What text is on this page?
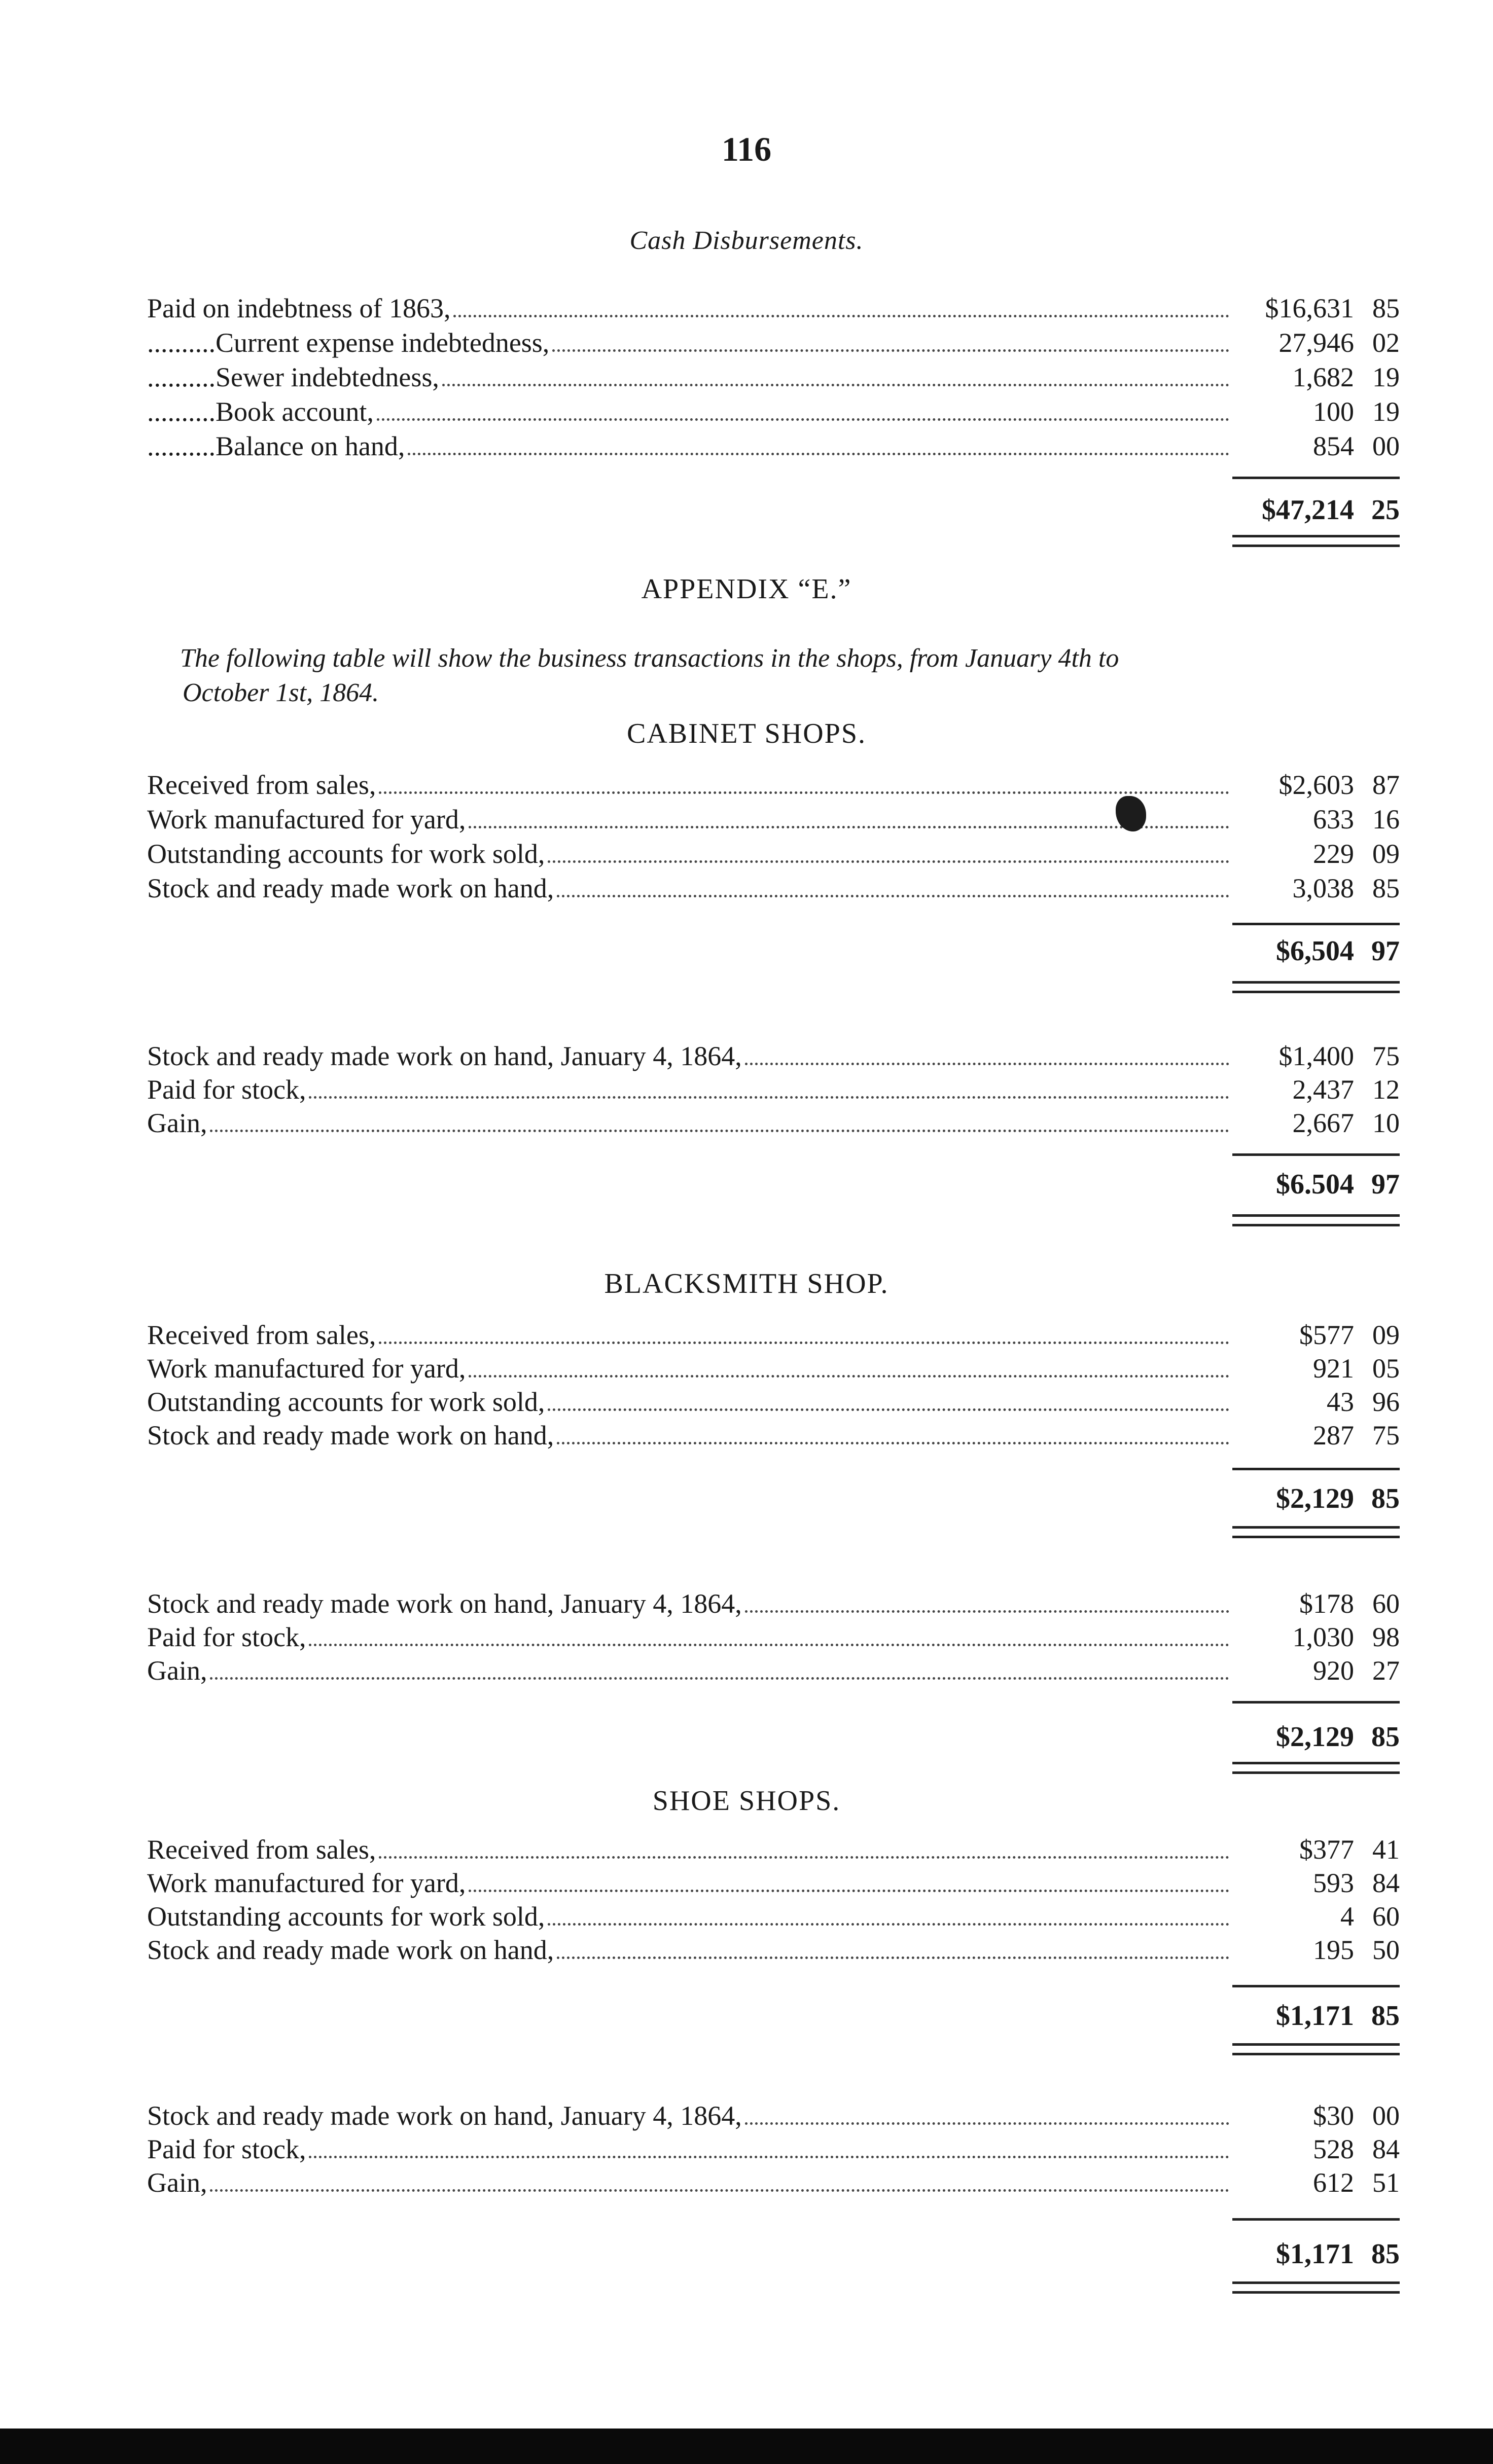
116
Cash Disbursements.
Paid on indebtness of 1863,	$16,631 85
..........Current expense indebtedness,	27,946 02
..........Sewer indebtedness,	1,682 19
..........Book account,	100 19
..........Balance on hand,	854 00
$47,214 25
APPENDIX “E.”
The following table will show the business transactions in the shops, from January 4th to
October 1st, 1864.
CABINET SHOPS.
Received from sales,	$2,603 87
Work manufactured for yard,	633 16
Outstanding accounts for work sold,	229 09
Stock and ready made work on hand,	3,038 85
$6,504 97
Stock and ready made work on hand, January 4, 1864,	$1,400 75
Paid for stock,	2,437 12
Gain,	2,667 10
$6.504 97
BLACKSMITH SHOP.
Received from sales,	$577 09
Work manufactured for yard,	921 05
Outstanding accounts for work sold,	43 96
Stock and ready made work on hand,	287 75
$2,129 85
Stock and ready made work on hand, January 4, 1864,	$178 60
Paid for stock,	1,030 98
Gain,	920 27
$2,129 85
SHOE SHOPS.
Received from sales,	$377 41
Work manufactured for yard,	593 84
Outstanding accounts for work sold,	4 60
Stock and ready made work on hand,	195 50
$1,171 85
Stock and ready made work on hand, January 4, 1864,	$30 00
Paid for stock,	528 84
Gain,	612 51
$1,171 85
